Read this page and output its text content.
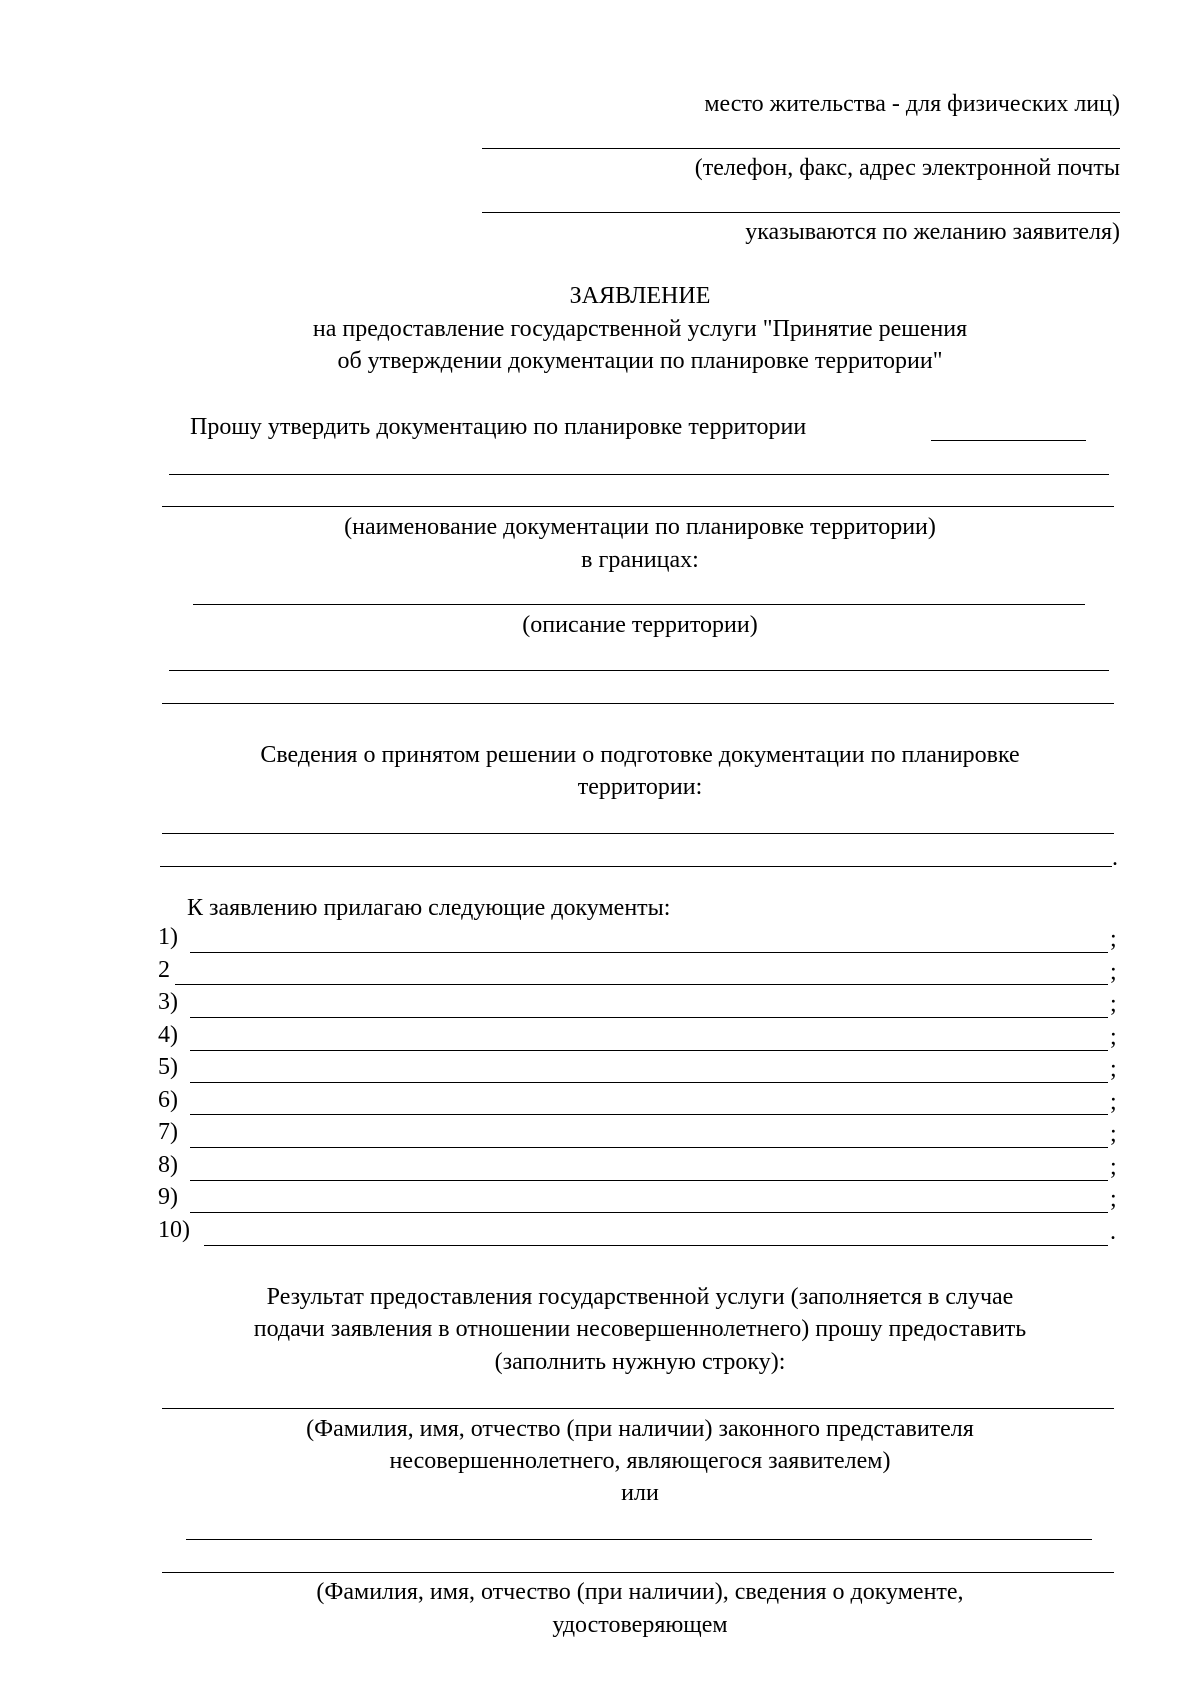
место жительства - для физических лиц)
(телефон, факс, адрес электронной почты
указываются по желанию заявителя)
ЗАЯВЛЕНИЕ
на предоставление государственной услуги "Принятие решения
об утверждении документации по планировке территории"
Прошу утвердить документацию по планировке территории
(наименование документации по планировке территории)
в границах:
(описание территории)
Сведения о принятом решении о подготовке документации по планировке
территории:
.
К заявлению прилагаю следующие документы:
1)	;
2	;
3)	;
4)	;
5)	;
6)	;
7)	;
8)	;
9)	;
10)	.
Результат предоставления государственной услуги (заполняется в случае
подачи заявления в отношении несовершеннолетнего) прошу предоставить
(заполнить нужную строку):
(Фамилия, имя, отчество (при наличии) законного представителя
несовершеннолетнего, являющегося заявителем)
или
(Фамилия, имя, отчество (при наличии), сведения о документе,
удостоверяющем
